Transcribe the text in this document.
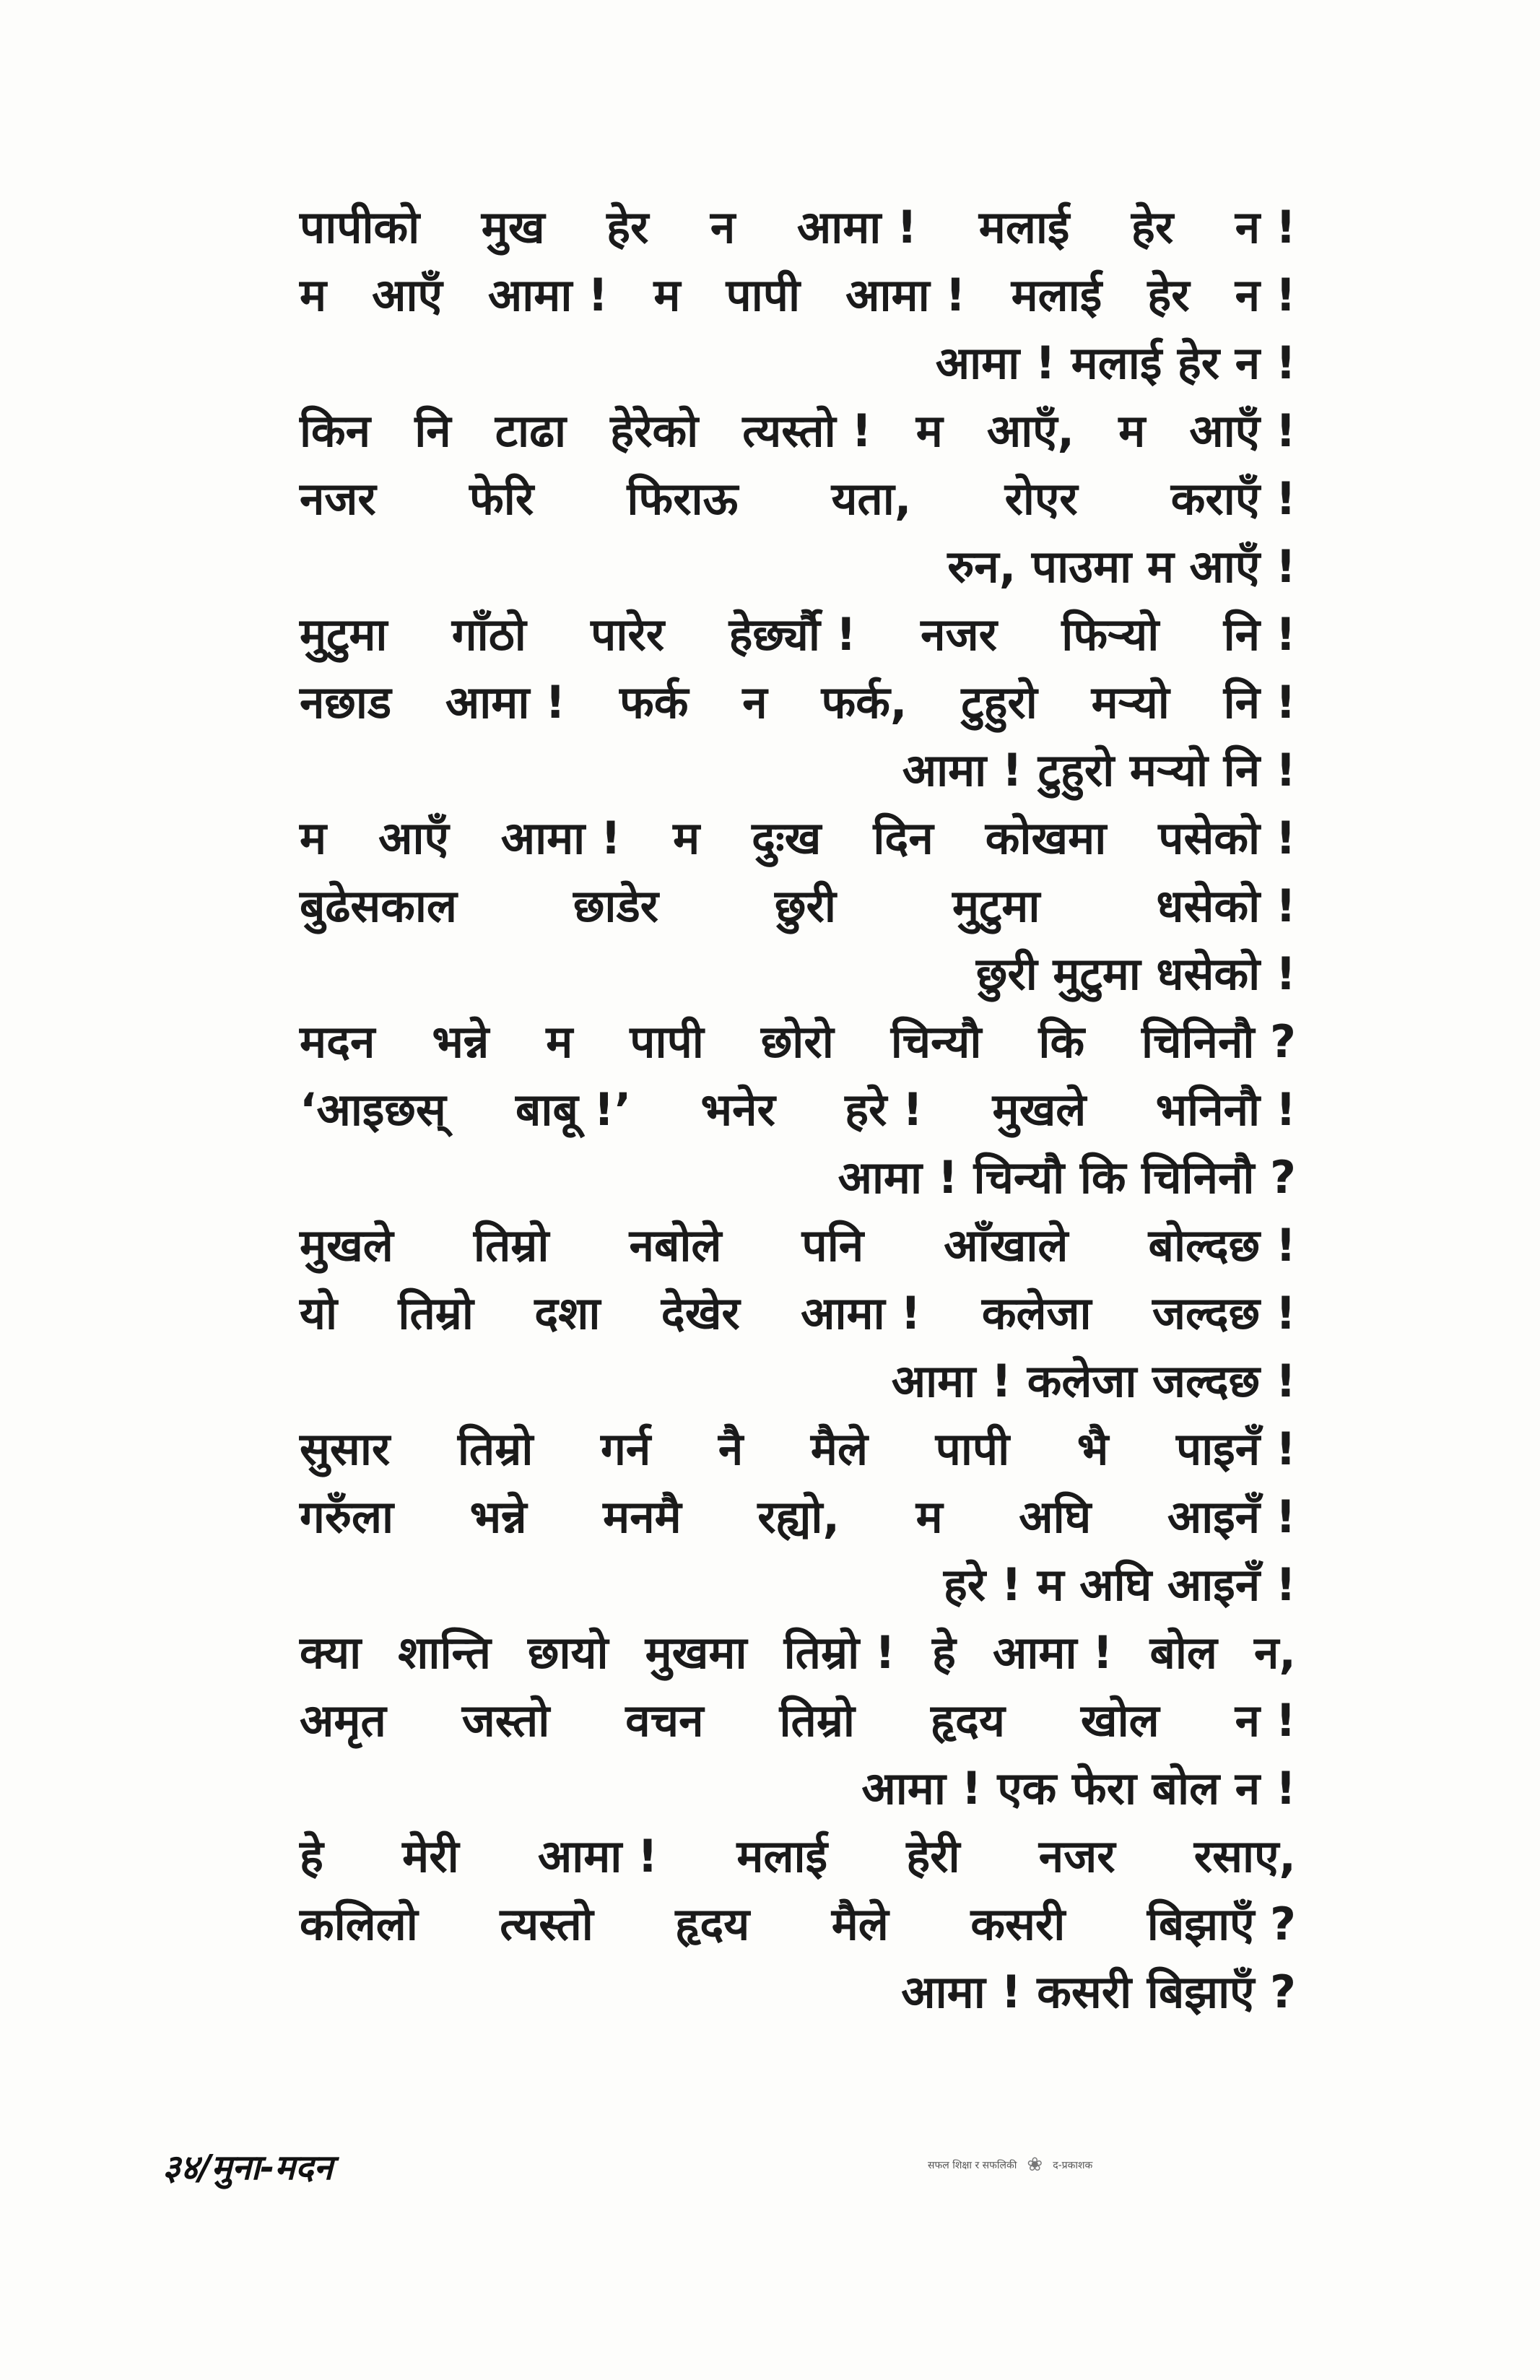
पापीको मुख हेर न आमा ! मलाई हेर न !
म आएँ आमा ! म पापी आमा ! मलाई हेर न !
आमा ! मलाई हेर न !
किन नि टाढा हेरेको त्यस्तो ! म आएँ, म आएँ !
नजर फेरि फिराऊ यता, रोएर कराएँ !
रुन, पाउमा म आएँ !
मुटुमा गाँठो पारेर हेर्छ्यौ ! नजर फिर्‍यो नि !
नछाड आमा ! फर्क न फर्क, टुहुरो मर्‍यो नि !
आमा ! टुहुरो मर्‍यो नि !
म आएँ आमा ! म दुःख दिन कोखमा पसेको !
बुढेसकाल	छाडेर	छुरी	मुटुमा	धसेको !
छुरी मुटुमा धसेको !
मदन भन्ने म पापी छोरो चिन्यौ कि चिनिनौ ?
‘आइछस् बाबू !’ भनेर हरे ! मुखले भनिनौ !
आमा ! चिन्यौ कि चिनिनौ ?
मुखले तिम्रो नबोले पनि आँखाले बोल्दछ !
यो तिम्रो दशा देखेर आमा ! कलेजा जल्दछ !
आमा ! कलेजा जल्दछ !
सुसार तिम्रो गर्न नै मैले पापी भै पाइनँ !
गरुँला भन्ने मनमै रह्यो, म अघि आइनँ !
हरे ! म अघि आइनँ !
क्या शान्ति छायो मुखमा तिम्रो ! हे आमा ! बोल न,
अमृत जस्तो वचन तिम्रो हृदय खोल न !
आमा ! एक फेरा बोल न !
हे मेरी आमा ! मलाई हेरी नजर रसाए,
कलिलो त्यस्तो हृदय मैले कसरी बिझाएँ ?
आमा ! कसरी बिझाएँ ?
३४/मुना-मदन	सफल शिक्षा र सफलिकी ❀ द-प्रकाशक
